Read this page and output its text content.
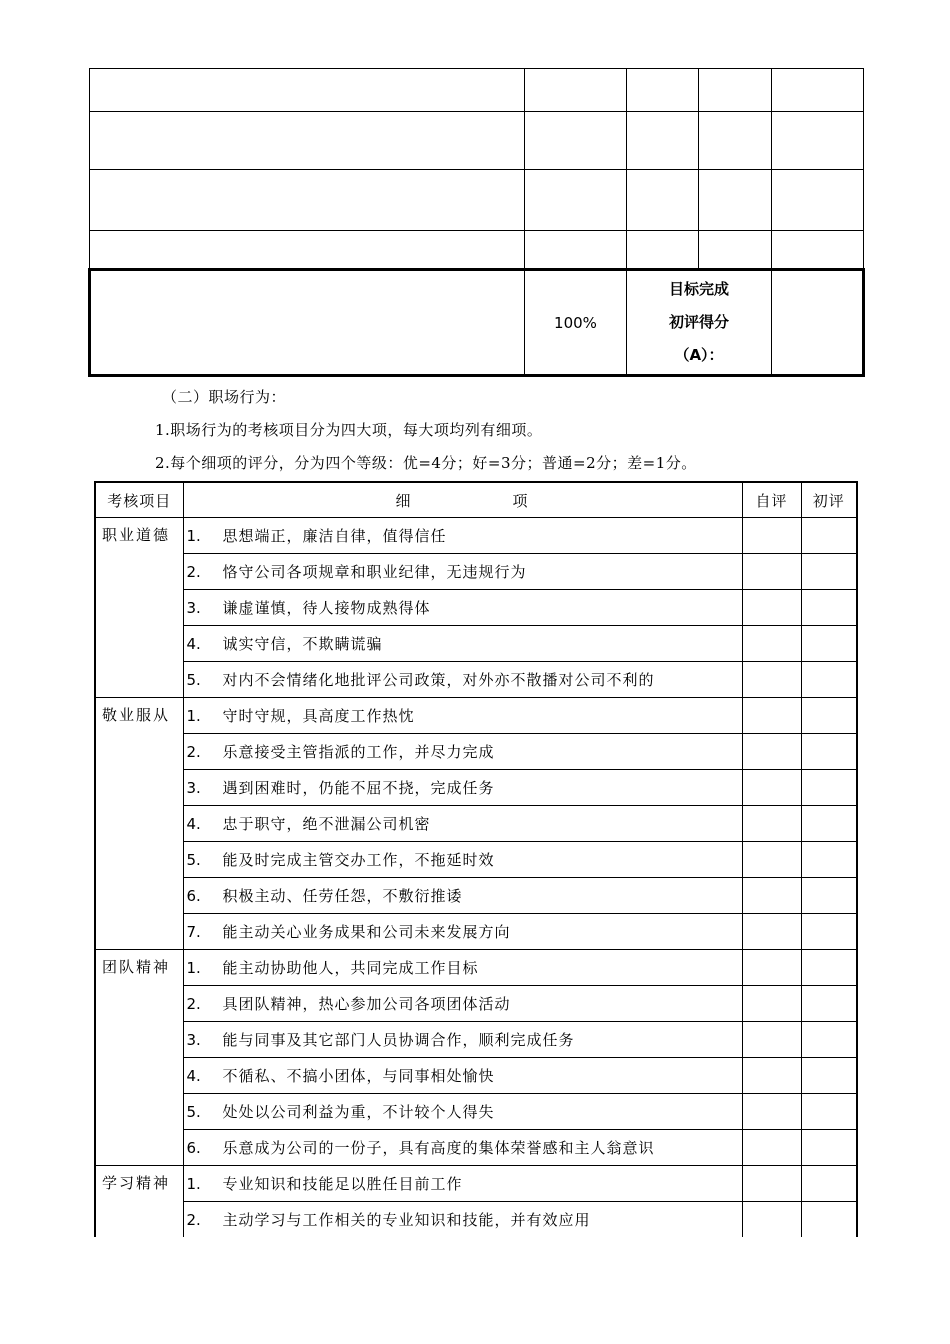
	100%	目标完成
初评得分
（A）：		

（二）职场行为：
1.职场行为的考核项目分为四大项，每大项均列有细项。
2.每个细项的评分，分为四个等级：优=4分；好=3分；普通=2分；差=1分。
考核项目	细 项	自评	初评
职业道德	1. 思想端正，廉洁自律，值得信任		
	2. 恪守公司各项规章和职业纪律，无违规行为		
	3. 谦虚谨慎，待人接物成熟得体		
	4. 诚实守信，不欺瞒谎骗		
	5. 对内不会情绪化地批评公司政策，对外亦不散播对公司不利的		
敬业服从	1. 守时守规，具高度工作热忱		
	2. 乐意接受主管指派的工作，并尽力完成		
	3. 遇到困难时，仍能不屈不挠，完成任务		
	4. 忠于职守，绝不泄漏公司机密		
	5. 能及时完成主管交办工作，不拖延时效		
	6. 积极主动、任劳任怨，不敷衍推诿		
	7. 能主动关心业务成果和公司未来发展方向		
团队精神	1. 能主动协助他人，共同完成工作目标		
	2. 具团队精神，热心参加公司各项团体活动		
	3. 能与同事及其它部门人员协调合作，顺利完成任务		
	4. 不循私、不搞小团体，与同事相处愉快		
	5. 处处以公司利益为重，不计较个人得失		
	6. 乐意成为公司的一份子，具有高度的集体荣誉感和主人翁意识		
学习精神	1. 专业知识和技能足以胜任目前工作		
	2. 主动学习与工作相关的专业知识和技能，并有效应用		
